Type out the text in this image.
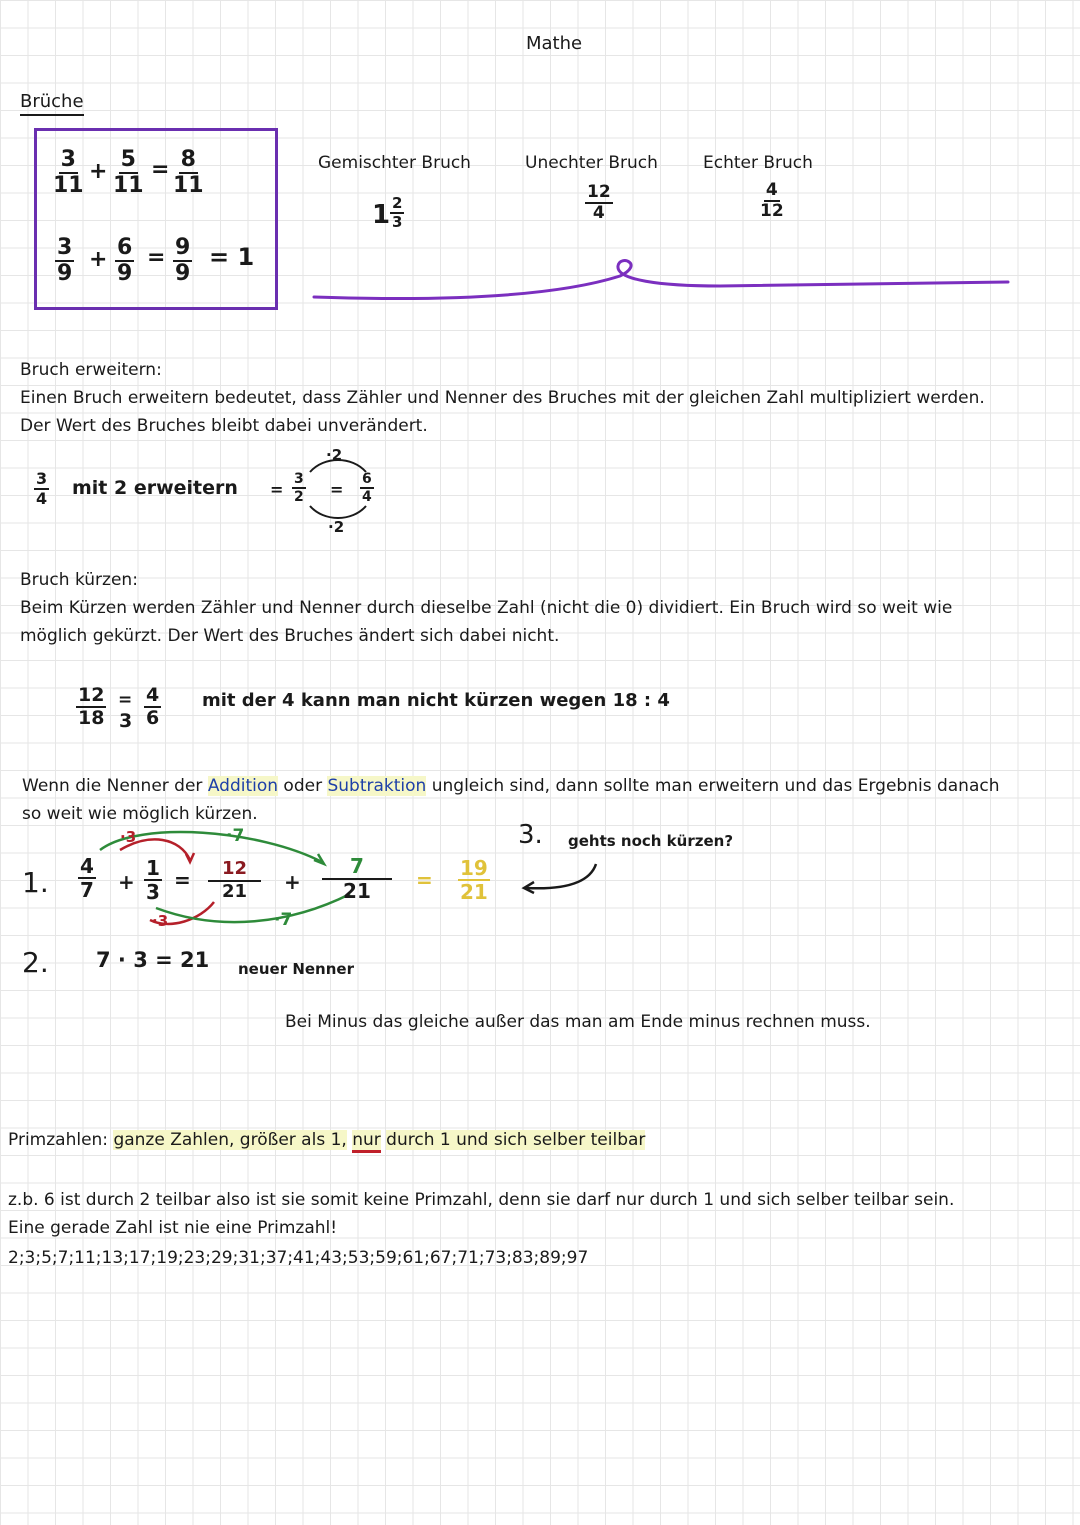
Mathe
Brüche
$\frac{3}{11} + \frac{5}{11} = \frac{8}{11}$
$\frac{3}{9} + \frac{6}{9} = \frac{9}{9} = 1$
Gemischter Bruch
$1 \frac{2}{3}$
Unechter Bruch
$\frac{12}{4}$
Echter Bruch
$\frac{4}{12}$
Bruch erweitern:
Einen Bruch erweitern bedeutet, dass Zähler und Nenner des Bruches mit der gleichen Zahl multipliziert werden.
Der Wert des Bruches bleibt dabei unverändert.
$\frac{3}{4}$ mit 2 erweitern = $\frac{3}{2} = \frac{6}{4}$
·2
·2
Bruch kürzen:
Beim Kürzen werden Zähler und Nenner durch dieselbe Zahl (nicht die 0) dividiert. Ein Bruch wird so weit wie
möglich gekürzt. Der Wert des Bruches ändert sich dabei nicht.
$\frac{12}{18}$ =
$3 \frac{4}{6}$ mit der 4 kann man nicht kürzen wegen 18 : 4
Wenn die Nenner der Addition oder Subtraktion ungleich sind, dann sollte man erweitern und das Ergebnis danach
so weit wie möglich kürzen.
1. $\frac{4}{7} + \frac{1}{3}$ =
·3	·7
·3	·7
$\frac{12}{21} + \frac{7}{21} = \frac{19}{21}$
3. gehts noch kürzen?
2. 7 · 3 = 21 neuer Nenner
Bei Minus das gleiche außer das man am Ende minus rechnen muss.
Primzahlen: ganze Zahlen, größer als 1, nur durch 1 und sich selber teilbar
z.b. 6 ist durch 2 teilbar also ist sie somit keine Primzahl, denn sie darf nur durch 1 und sich selber teilbar sein.
Eine gerade Zahl ist nie eine Primzahl!
2;3;5;7;11;13;17;19;23;29;31;37;41;43;53;59;61;67;71;73;83;89;97
